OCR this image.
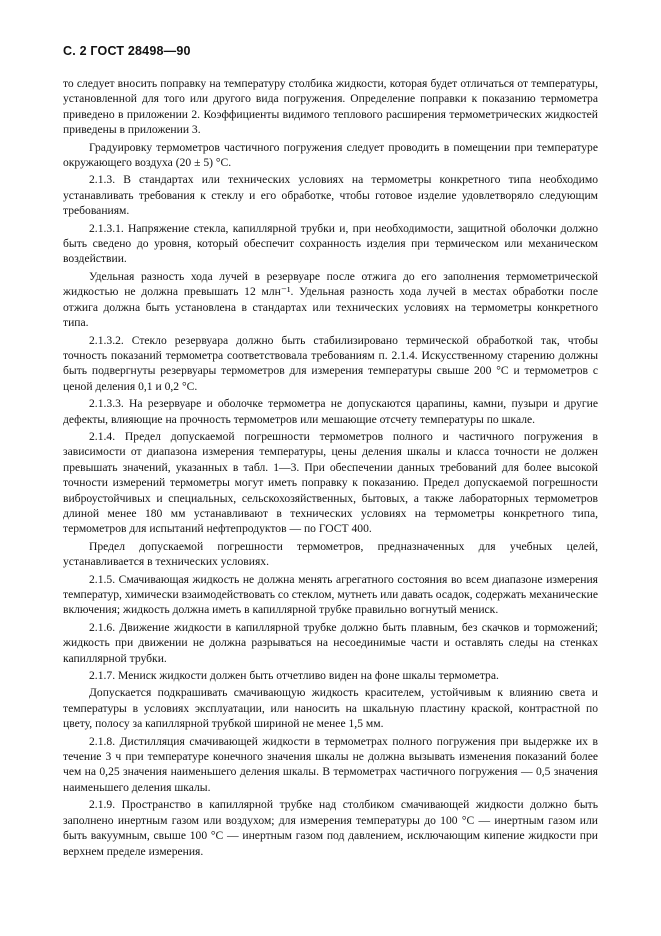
С. 2 ГОСТ 28498—90

то следует вносить поправку на температуру столбика жидкости, которая будет отличаться от температуры, установленной для того или другого вида погружения. Определение поправки к показанию термометра приведено в приложении 2. Коэффициенты видимого теплового расширения термометрических жидкостей приведены в приложении 3.

Градуировку термометров частичного погружения следует проводить в помещении при температуре окружающего воздуха (20 ± 5) °С.

2.1.3. В стандартах или технических условиях на термометры конкретного типа необходимо устанавливать требования к стеклу и его обработке, чтобы готовое изделие удовлетворяло следующим требованиям.

2.1.3.1. Напряжение стекла, капиллярной трубки и, при необходимости, защитной оболочки должно быть сведено до уровня, который обеспечит сохранность изделия при термическом или механическом воздействии.

Удельная разность хода лучей в резервуаре после отжига до его заполнения термометрической жидкостью не должна превышать 12 млн⁻¹. Удельная разность хода лучей в местах обработки после отжига должна быть установлена в стандартах или технических условиях на термометры конкретного типа.

2.1.3.2. Стекло резервуара должно быть стабилизировано термической обработкой так, чтобы точность показаний термометра соответствовала требованиям п. 2.1.4. Искусственному старению должны быть подвергнуты резервуары термометров для измерения температуры свыше 200 °С и термометров с ценой деления 0,1 и 0,2 °С.

2.1.3.3. На резервуаре и оболочке термометра не допускаются царапины, камни, пузыри и другие дефекты, влияющие на прочность термометров или мешающие отсчету температуры по шкале.

2.1.4. Предел допускаемой погрешности термометров полного и частичного погружения в зависимости от диапазона измерения температуры, цены деления шкалы и класса точности не должен превышать значений, указанных в табл. 1—3. При обеспечении данных требований для более высокой точности измерений термометры могут иметь поправку к показанию. Предел допускаемой погрешности виброустойчивых и специальных, сельскохозяйственных, бытовых, а также лабораторных термометров длиной менее 180 мм устанавливают в технических условиях на термометры конкретного типа, термометров для испытаний нефтепродуктов — по ГОСТ 400.

Предел допускаемой погрешности термометров, предназначенных для учебных целей, устанавливается в технических условиях.

2.1.5. Смачивающая жидкость не должна менять агрегатного состояния во всем диапазоне измерения температур, химически взаимодействовать со стеклом, мутнеть или давать осадок, содержать механические включения; жидкость должна иметь в капиллярной трубке правильно вогнутый мениск.

2.1.6. Движение жидкости в капиллярной трубке должно быть плавным, без скачков и торможений; жидкость при движении не должна разрываться на несоединимые части и оставлять следы на стенках капиллярной трубки.

2.1.7. Мениск жидкости должен быть отчетливо виден на фоне шкалы термометра.

Допускается подкрашивать смачивающую жидкость красителем, устойчивым к влиянию света и температуры в условиях эксплуатации, или наносить на шкальную пластину краской, контрастной по цвету, полосу за капиллярной трубкой шириной не менее 1,5 мм.

2.1.8. Дистилляция смачивающей жидкости в термометрах полного погружения при выдержке их в течение 3 ч при температуре конечного значения шкалы не должна вызывать изменения показаний более чем на 0,25 значения наименьшего деления шкалы. В термометрах частичного погружения — 0,5 значения наименьшего деления шкалы.

2.1.9. Пространство в капиллярной трубке над столбиком смачивающей жидкости должно быть заполнено инертным газом или воздухом; для измерения температуры до 100 °С — инертным газом или быть вакуумным, свыше 100 °С — инертным газом под давлением, исключающим кипение жидкости при верхнем пределе измерения.
